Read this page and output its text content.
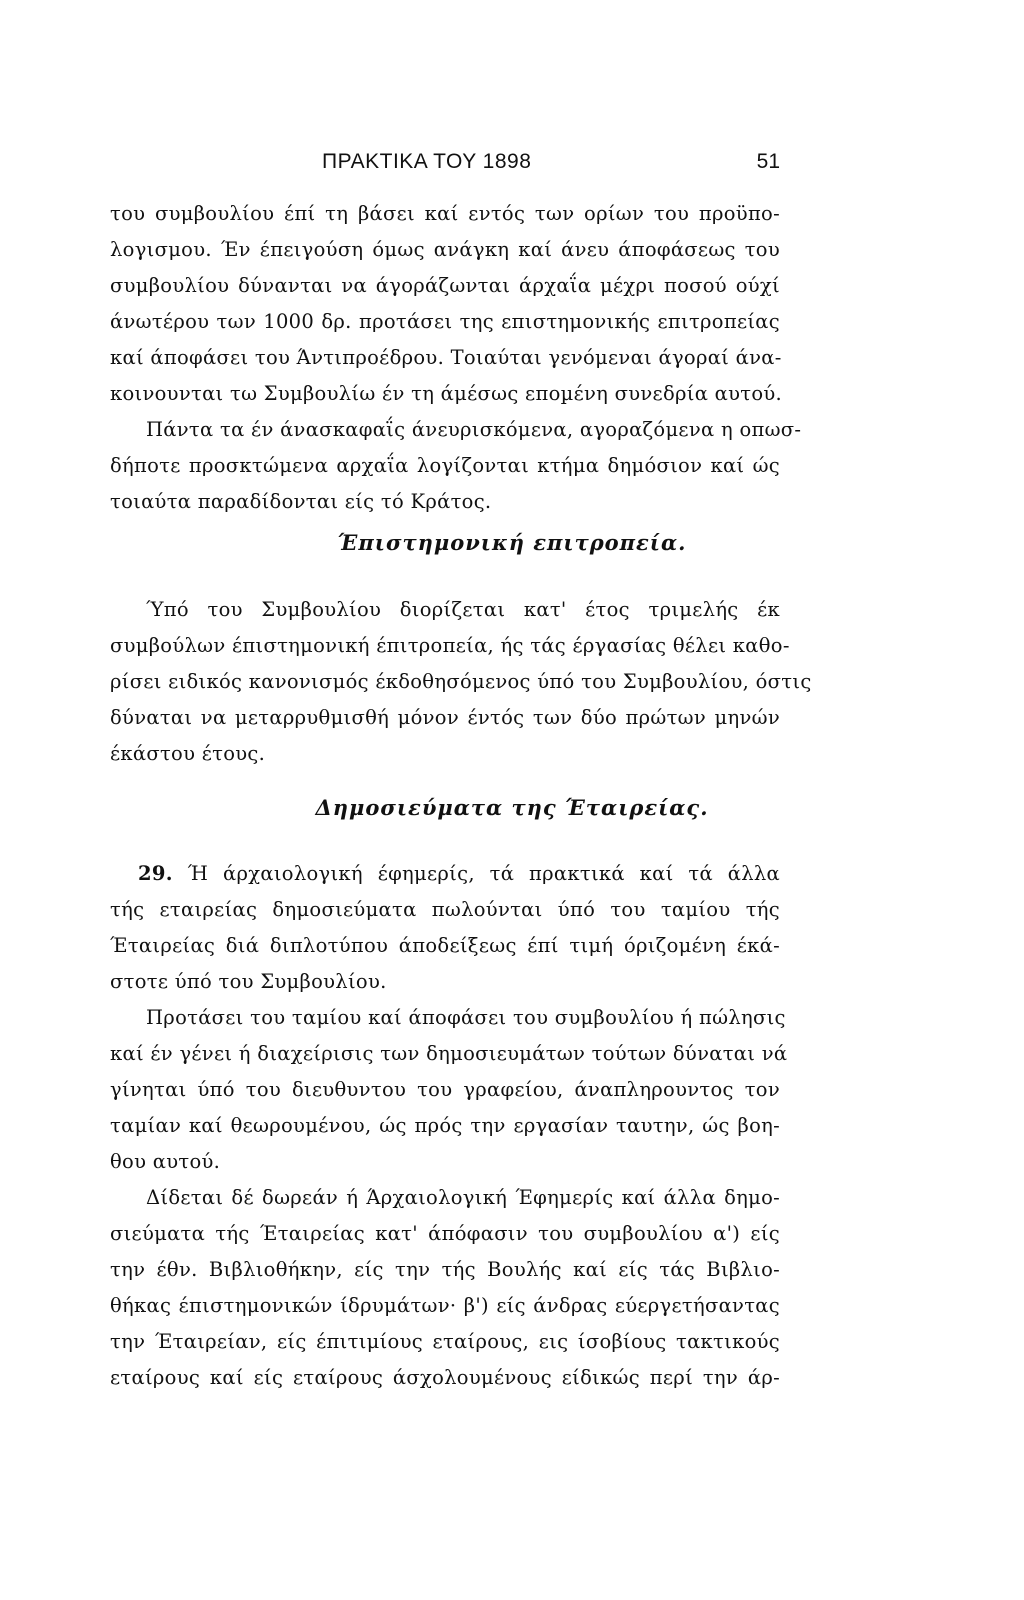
ΠΡΑΚΤΙΚΑ ΤΟΥ 1898	51
του συμβουλίου έπί τη βάσει καί εντός των ορίων του προϋπο-
λογισμου. Έν έπειγούση όμως ανάγκη καί άνευ άποφάσεως του
συμβουλίου δύνανται να άγοράζωνται άρχαΐα μέχρι ποσού ούχί
άνωτέρου των 1000 δρ. προτάσει της επιστημονικής επιτροπείας
καί άποφάσει του Άντιπροέδρου. Τοιαύται γενόμεναι άγοραί άνα-
κοινουνται τω Συμβουλίω έν τη άμέσως εποµένη συνεδρία αυτού.
Πάντα τα έν άνασκαφαΐς άνευρισκόμενα, αγοραζόμενα η οπωσ-
δήποτε προσκτώμενα αρχαΐα λογίζονται κτήμα δημόσιον καί ώς
τοιαύτα παραδίδονται είς τό Κράτος.
Έπιστημονική επιτροπεία.
Ύπό του Συμβουλίου διορίζεται κατ' έτος τριμελής έκ
συμβούλων έπιστημονική έπιτροπεία, ής τάς έργασίας θέλει καθο-
ρίσει ειδικός κανονισμός έκδοθησόμενος ύπό του Συμβουλίου, όστις
δύναται να μεταρρυθμισθή μόνον έντός των δύο πρώτων μηνών
έκάστου έτους.
Δημοσιεύματα της Έταιρείας.
29. Ή άρχαιολογική έφημερίς, τά πρακτικά καί τά άλλα
τής εταιρείας δημοσιεύματα πωλούνται ύπό του ταμίου τής
Έταιρείας διά διπλοτύπου άποδείξεως έπί τιμή όριζομένη έκά-
στοτε ύπό του Συμβουλίου.
Προτάσει του ταμίου καί άποφάσει του συμβουλίου ή πώλησις
καί έν γένει ή διαχείρισις των δημοσιευμάτων τούτων δύναται νά
γίνηται ύπό του διευθυντου του γραφείου, άναπληρουντος τον
ταμίαν καί θεωρουμένου, ώς πρός την εργασίαν ταυτην, ώς βοη-
θου αυτού.
Δίδεται δέ δωρεάν ή Άρχαιολογική Έφημερίς καί άλλα δημο-
σιεύματα τής Έταιρείας κατ' άπόφασιν του συμβουλίου α') είς
την έθν. Βιβλιοθήκην, είς την τής Βουλής καί είς τάς Βιβλιο-
θήκας έπιστημονικών ίδρυμάτων· β') είς άνδρας εύεργετήσαντας
την Έταιρείαν, είς έπιτιμίους εταίρους, εις ίσοβίους τακτικούς
εταίρους καί είς εταίρους άσχολουμένους είδικώς περί την άρ-
